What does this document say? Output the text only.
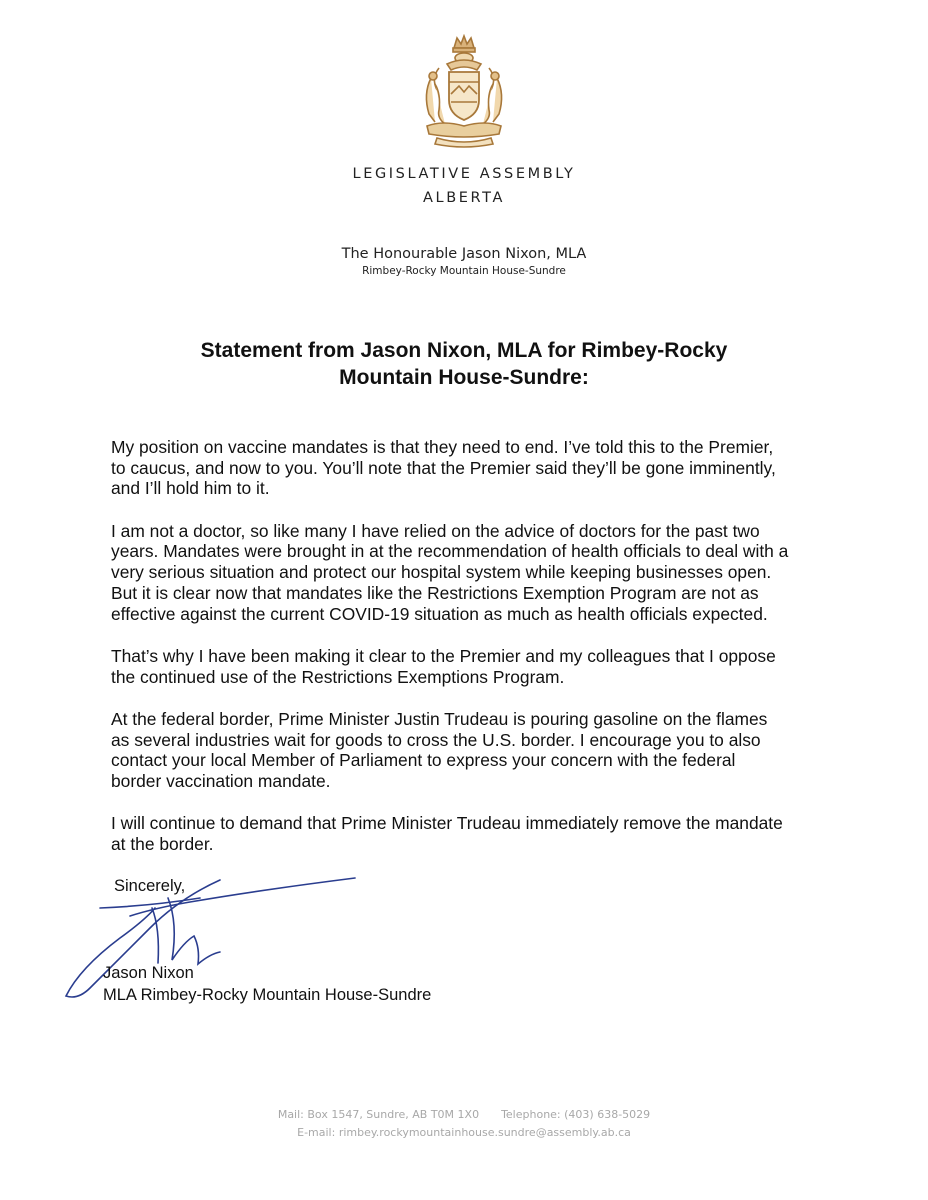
LEGISLATIVE ASSEMBLY
ALBERTA
The Honourable Jason Nixon, MLA
Rimbey-Rocky Mountain House-Sundre
Statement from Jason Nixon, MLA for Rimbey-Rocky
Mountain House-Sundre:

My position on vaccine mandates is that they need to end. I’ve told this to the Premier,
to caucus, and now to you. You’ll note that the Premier said they’ll be gone imminently,
and I’ll hold him to it.

I am not a doctor, so like many I have relied on the advice of doctors for the past two
years. Mandates were brought in at the recommendation of health officials to deal with a
very serious situation and protect our hospital system while keeping businesses open.
But it is clear now that mandates like the Restrictions Exemption Program are not as
effective against the current COVID-19 situation as much as health officials expected.

That’s why I have been making it clear to the Premier and my colleagues that I oppose
the continued use of the Restrictions Exemptions Program.

At the federal border, Prime Minister Justin Trudeau is pouring gasoline on the flames
as several industries wait for goods to cross the U.S. border. I encourage you to also
contact your local Member of Parliament to express your concern with the federal
border vaccination mandate.

I will continue to demand that Prime Minister Trudeau immediately remove the mandate
at the border.

Sincerely,
Jason Nixon
MLA Rimbey-Rocky Mountain House-Sundre
Mail: Box 1547, Sundre, AB T0M 1X0 Telephone: (403) 638-5029
E-mail: rimbey.rockymountainhouse.sundre@assembly.ab.ca
